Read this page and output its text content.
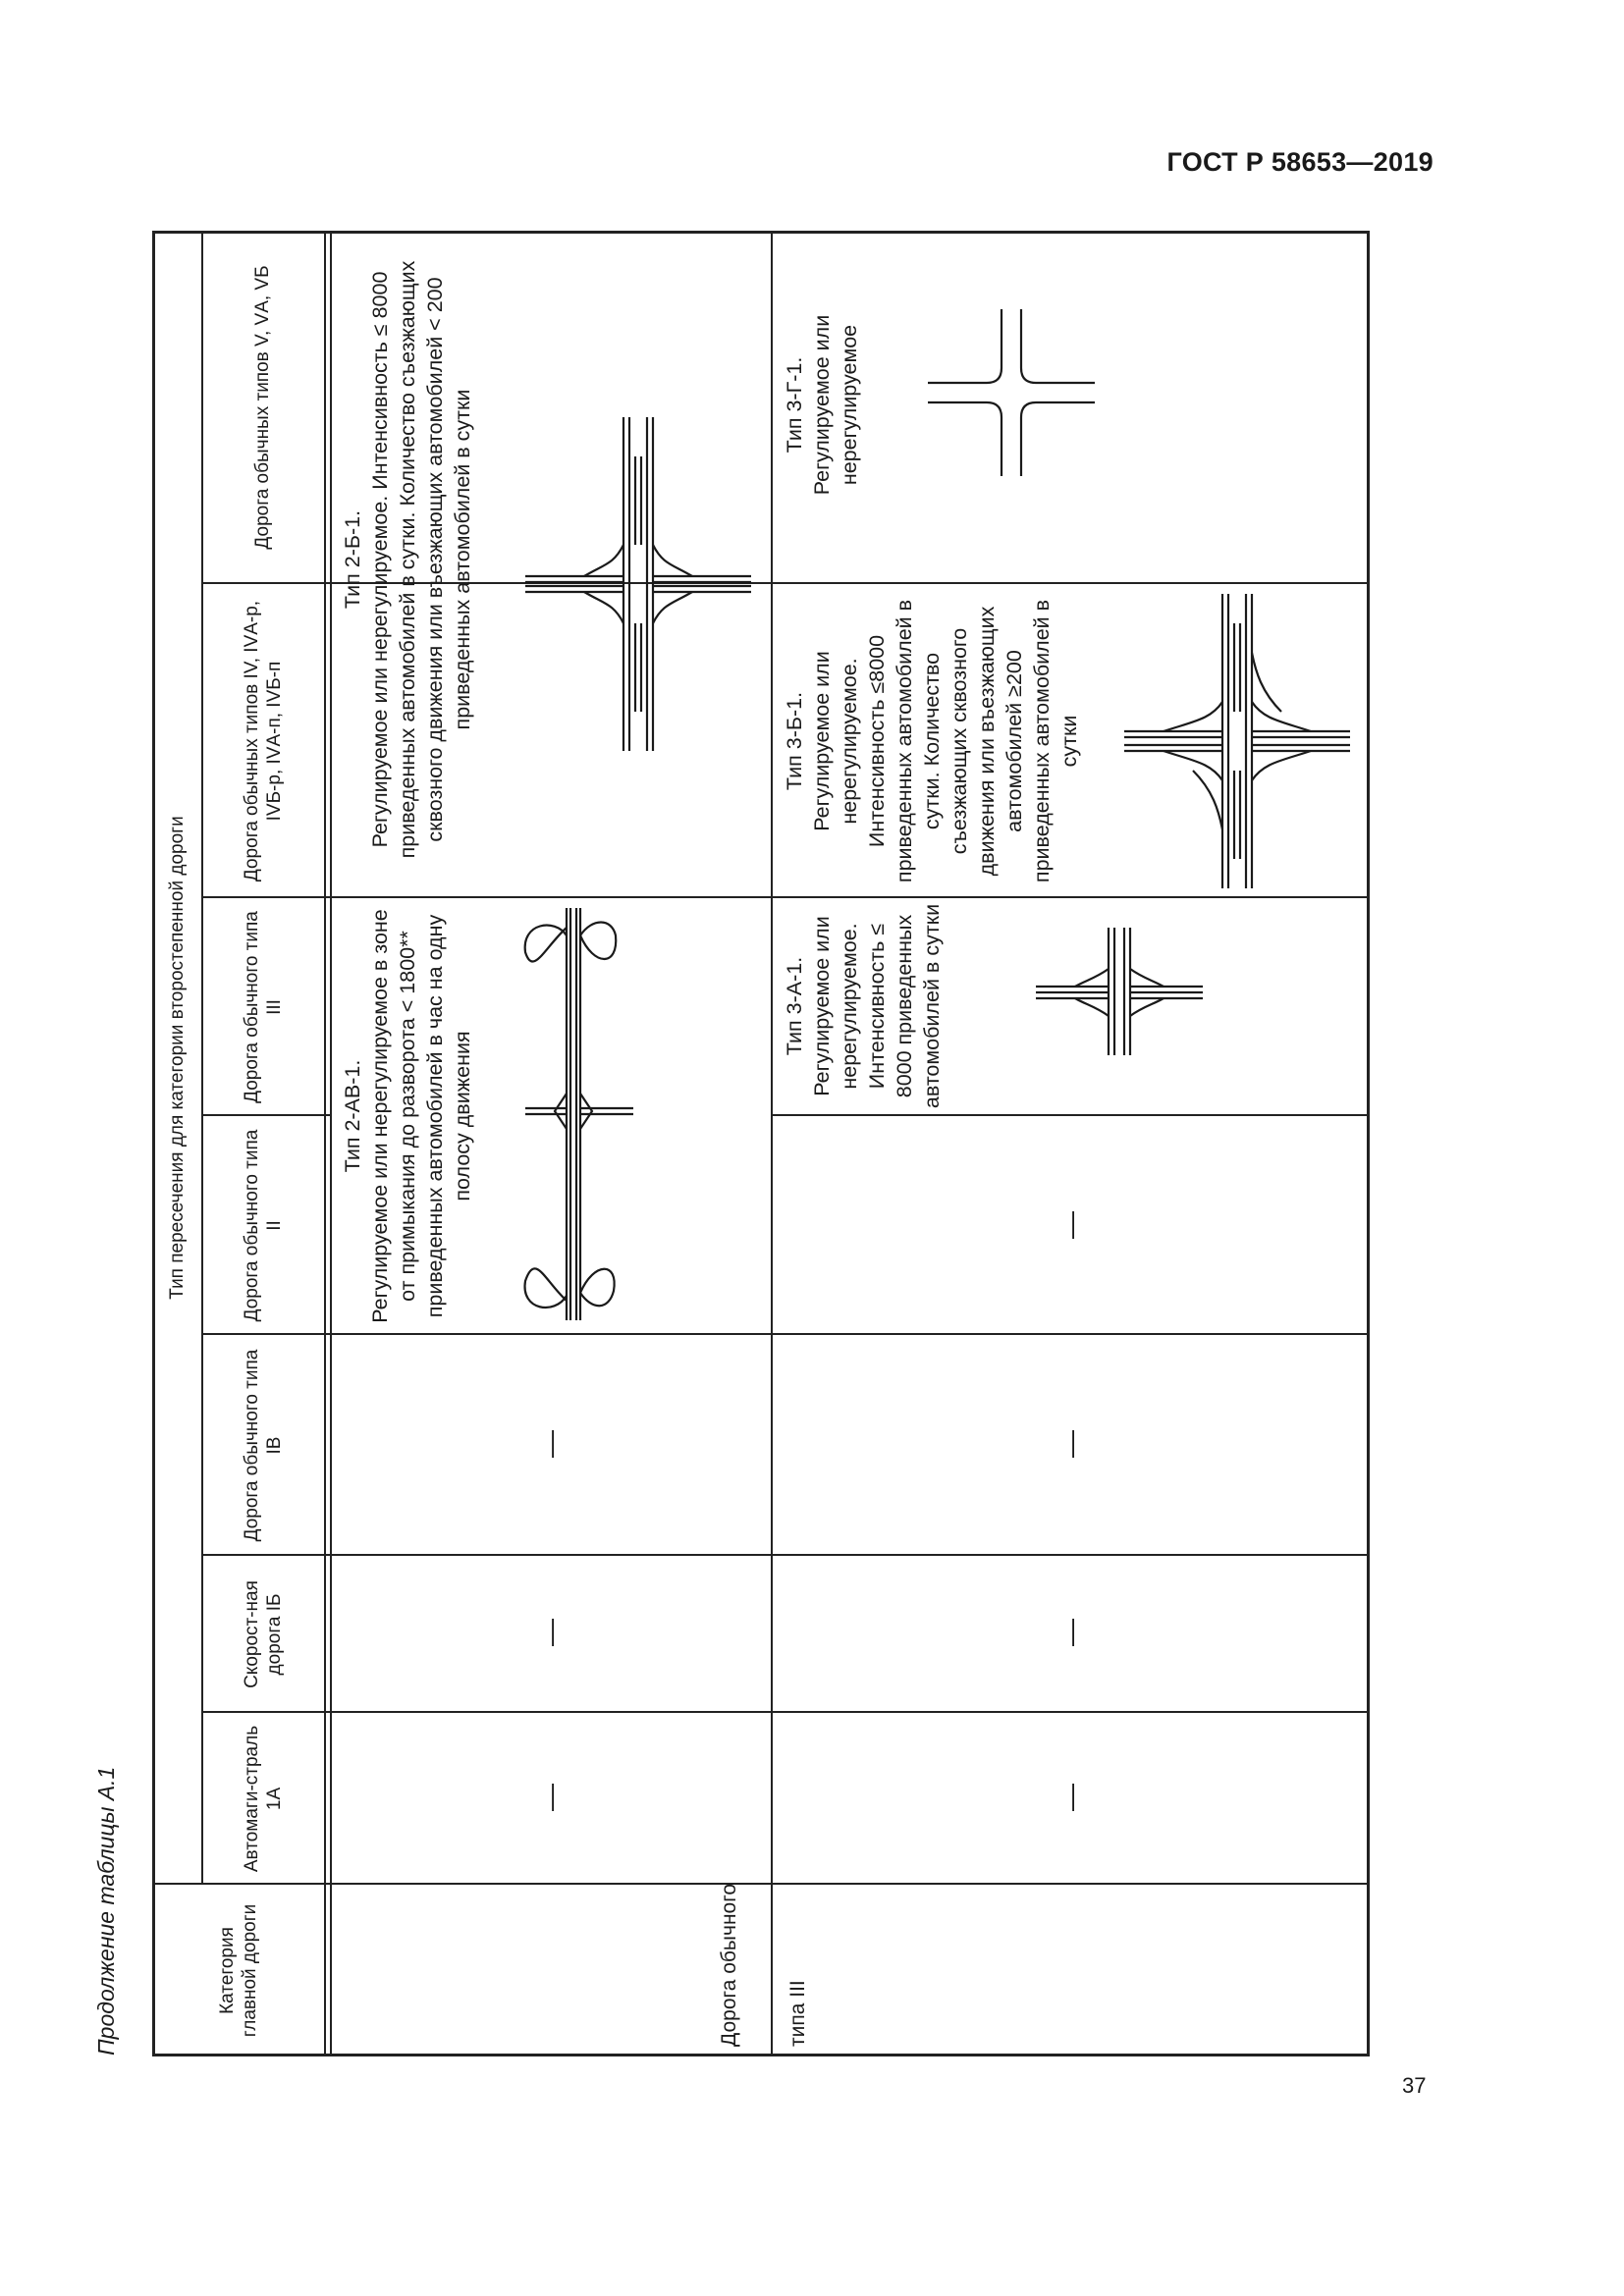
ГОСТ Р 58653—2019
Продолжение таблицы А.1
37
Категория главной дороги
Тип пересечения для категории второстепенной дороги
Автомаги-страль 1А
Скорост-ная дорога IБ
Дорога обычного типа IВ
Дорога обычного типа II
Дорога обычного типа III
Дорога обычных типов IV, IVА-р, IVБ-р, IVА-п, IVБ-п
Дорога обычных типов V, VА, VБ
—
—
—
Тип 2-АВ-1. Регулируемое или нерегулируемое в зоне от примыкания до разворота < 1800** приведенных автомобилей в час на одну полосу движения
Тип 2-Б-1. Регулируемое или нерегулируемое. Интенсивность ≤ 8000 приведенных автомобилей в сутки. Количество съезжающих сквозного движения или въезжающих автомобилей < 200 приведенных автомобилей в сутки
Дорога обычного типа III
—
—
—
—
Тип 3-А-1. Регулируемое или нерегулируемое. Интенсивность ≤ 8000 приведенных автомобилей в сутки
Тип 3-Б-1. Регулируемое или нерегулируемое. Интенсивность ≤8000 приведенных автомобилей в сутки. Количество съезжающих сквозного движения или въезжающих автомобилей ≥200 приведенных автомобилей в сутки
Тип 3-Г-1. Регулируемое или нерегулируемое
